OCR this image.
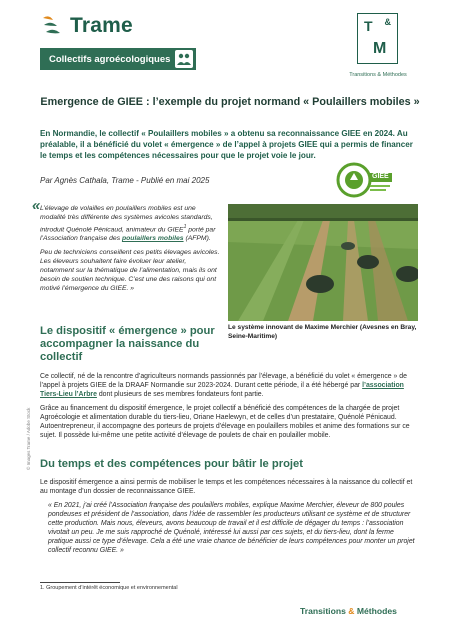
Trame
Collectifs agroécologiques
T &
M
Transitions & Méthodes
Emergence de GIEE : l’exemple du projet normand « Poulaillers mobiles »
En Normandie, le collectif « Poulaillers mobiles » a obtenu sa reconnaissance GIEE en 2024. Au préalable, il a bénéficié du volet « émergence » de l’appel à projets GIEE qui a permis de financer le temps et les compétences nécessaires pour que le projet voie le jour.
Par Agnès Cathala, Trame - Publié en mai 2025	GIEE
« L’élevage de volailles en poulaillers mobiles est une modalité très différente des systèmes avicoles standards, introduit Quénolé Pénicaud, animateur du GIEE$^1$ porté par l’Association française des poulaillers mobiles (AFPM).

Peu de techniciens conseillent ces petits élevages avicoles. Les éleveurs souhaitent faire évoluer leur atelier, notamment sur la thématique de l’alimentation, mais ils ont besoin de soutien technique. C’est une des raisons qui ont motivé l’émergence du GIEE. »

Le système innovant de Maxime Merchier (Avesnes en Bray, Seine-Maritime)
Le dispositif « émergence » pour accompagner la naissance du collectif

Ce collectif, né de la rencontre d’agriculteurs normands passionnés par l’élevage, a bénéficié du volet « émergence » de l’appel à projets GIEE de la DRAAF Normandie sur 2023-2024. Durant cette période, il a été hébergé par l’association Tiers-Lieu l’Arbre dont plusieurs de ses membres fondateurs font partie.

Grâce au financement du dispositif émergence, le projet collectif a bénéficié des compétences de la chargée de projet Agroécologie et alimentation durable du tiers-lieu, Oriane Haelewyn, et de celles d’un prestataire, Quénolé Pénicaud. Autoentrepreneur, il accompagne des porteurs de projets d’élevage en poulaillers mobiles et anime des formations sur ce sujet. Il possède lui-même une petite activité d’élevage de poulets de chair en poulailler mobile.

Du temps et des compétences pour bâtir le projet

Le dispositif émergence a ainsi permis de mobiliser le temps et les compétences nécessaires à la naissance du collectif et au montage d’un dossier de reconnaissance GIEE.

« En 2021, j’ai créé l’Association française des poulaillers mobiles, explique Maxime Merchier, éleveur de 800 poules pondeuses et président de l’association, dans l’idée de rassembler les producteurs utilisant ce système et de structurer cette production. Mais nous, éleveurs, avons beaucoup de travail et il est difficile de dégager du temps : l’association vivotait un peu. Je me suis rapproché de Quénolé, intéressé lui aussi par ces sujets, et du tiers-lieu, dont la ferme pratique aussi ce type d’élevage. Cela a été une vraie chance de bénéficier de leurs compétences pour monter un projet collectif reconnu GIEE. »

© Images Trame / Adobe Stock
1. Groupement d’intérêt économique et environnemental
Transitions & Méthodes
